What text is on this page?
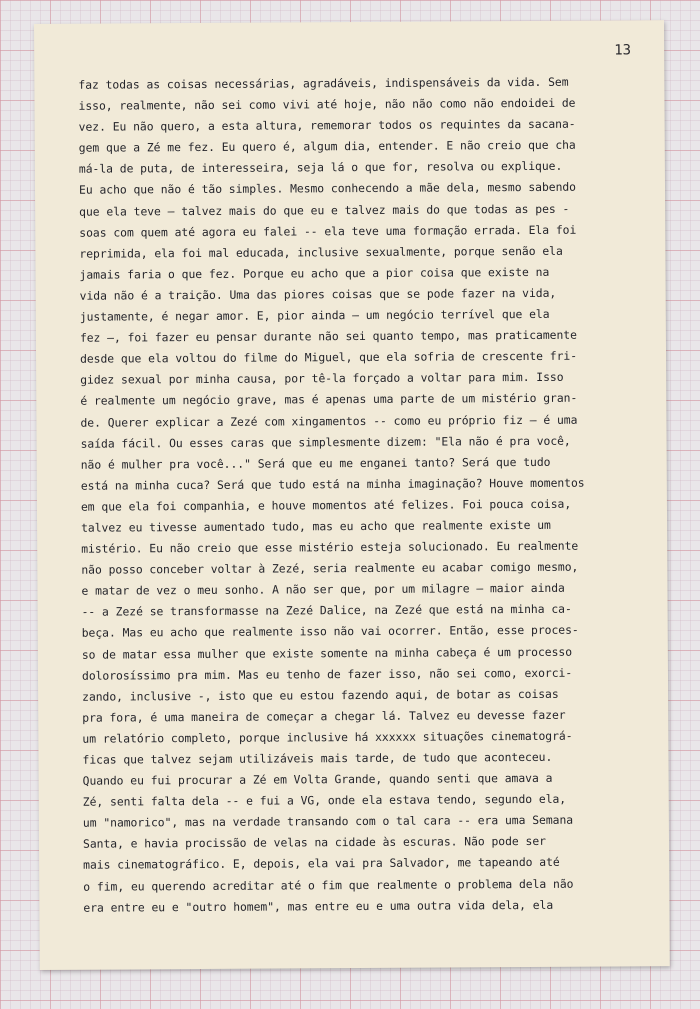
13
faz todas as coisas necessárias, agradáveis, indispensáveis da vida. Sem
isso, realmente, não sei como vivi até hoje, não não como não endoidei de
vez. Eu não quero, a esta altura, rememorar todos os requintes da sacana-
gem que a Zé me fez. Eu quero é, algum dia, entender. E não creio que cha
má-la de puta, de interesseira, seja lá o que for, resolva ou explique.
Eu acho que não é tão simples. Mesmo conhecendo a mãe dela, mesmo sabendo
que ela teve — talvez mais do que eu e talvez mais do que todas as pes -
soas com quem até agora eu falei -- ela teve uma formação errada. Ela foi
reprimida, ela foi mal educada, inclusive sexualmente, porque senão ela
jamais faria o que fez. Porque eu acho que a pior coisa que existe na
vida não é a traição. Uma das piores coisas que se pode fazer na vida,
justamente, é negar amor. E, pior ainda — um negócio terrível que ela
fez —, foi fazer eu pensar durante não sei quanto tempo, mas praticamente
desde que ela voltou do filme do Miguel, que ela sofria de crescente fri-
gidez sexual por minha causa, por tê-la forçado a voltar para mim. Isso
é realmente um negócio grave, mas é apenas uma parte de um mistério gran-
de. Querer explicar a Zezé com xingamentos -- como eu próprio fiz — é uma
saída fácil. Ou esses caras que simplesmente dizem: "Ela não é pra você,
não é mulher pra você..." Será que eu me enganei tanto? Será que tudo
está na minha cuca? Será que tudo está na minha imaginação? Houve momentos
em que ela foi companhia, e houve momentos até felizes. Foi pouca coisa,
talvez eu tivesse aumentado tudo, mas eu acho que realmente existe um
mistério. Eu não creio que esse mistério esteja solucionado. Eu realmente
não posso conceber voltar à Zezé, seria realmente eu acabar comigo mesmo,
e matar de vez o meu sonho. A não ser que, por um milagre — maior ainda
-- a Zezé se transformasse na Zezé Dalice, na Zezé que está na minha ca-
beça. Mas eu acho que realmente isso não vai ocorrer. Então, esse proces-
so de matar essa mulher que existe somente na minha cabeça é um processo
dolorosíssimo pra mim. Mas eu tenho de fazer isso, não sei como, exorci-
zando, inclusive -, isto que eu estou fazendo aqui, de botar as coisas
pra fora, é uma maneira de começar a chegar lá. Talvez eu devesse fazer
um relatório completo, porque inclusive há xxxxxx situações cinematográ-
ficas que talvez sejam utilizáveis mais tarde, de tudo que aconteceu.
Quando eu fui procurar a Zé em Volta Grande, quando senti que amava a
Zé, senti falta dela -- e fui a VG, onde ela estava tendo, segundo ela,
um "namorico", mas na verdade transando com o tal cara -- era uma Semana
Santa, e havia procissão de velas na cidade às escuras. Não pode ser
mais cinematográfico. E, depois, ela vai pra Salvador, me tapeando até
o fim, eu querendo acreditar até o fim que realmente o problema dela não
era entre eu e "outro homem", mas entre eu e uma outra vida dela, ela
